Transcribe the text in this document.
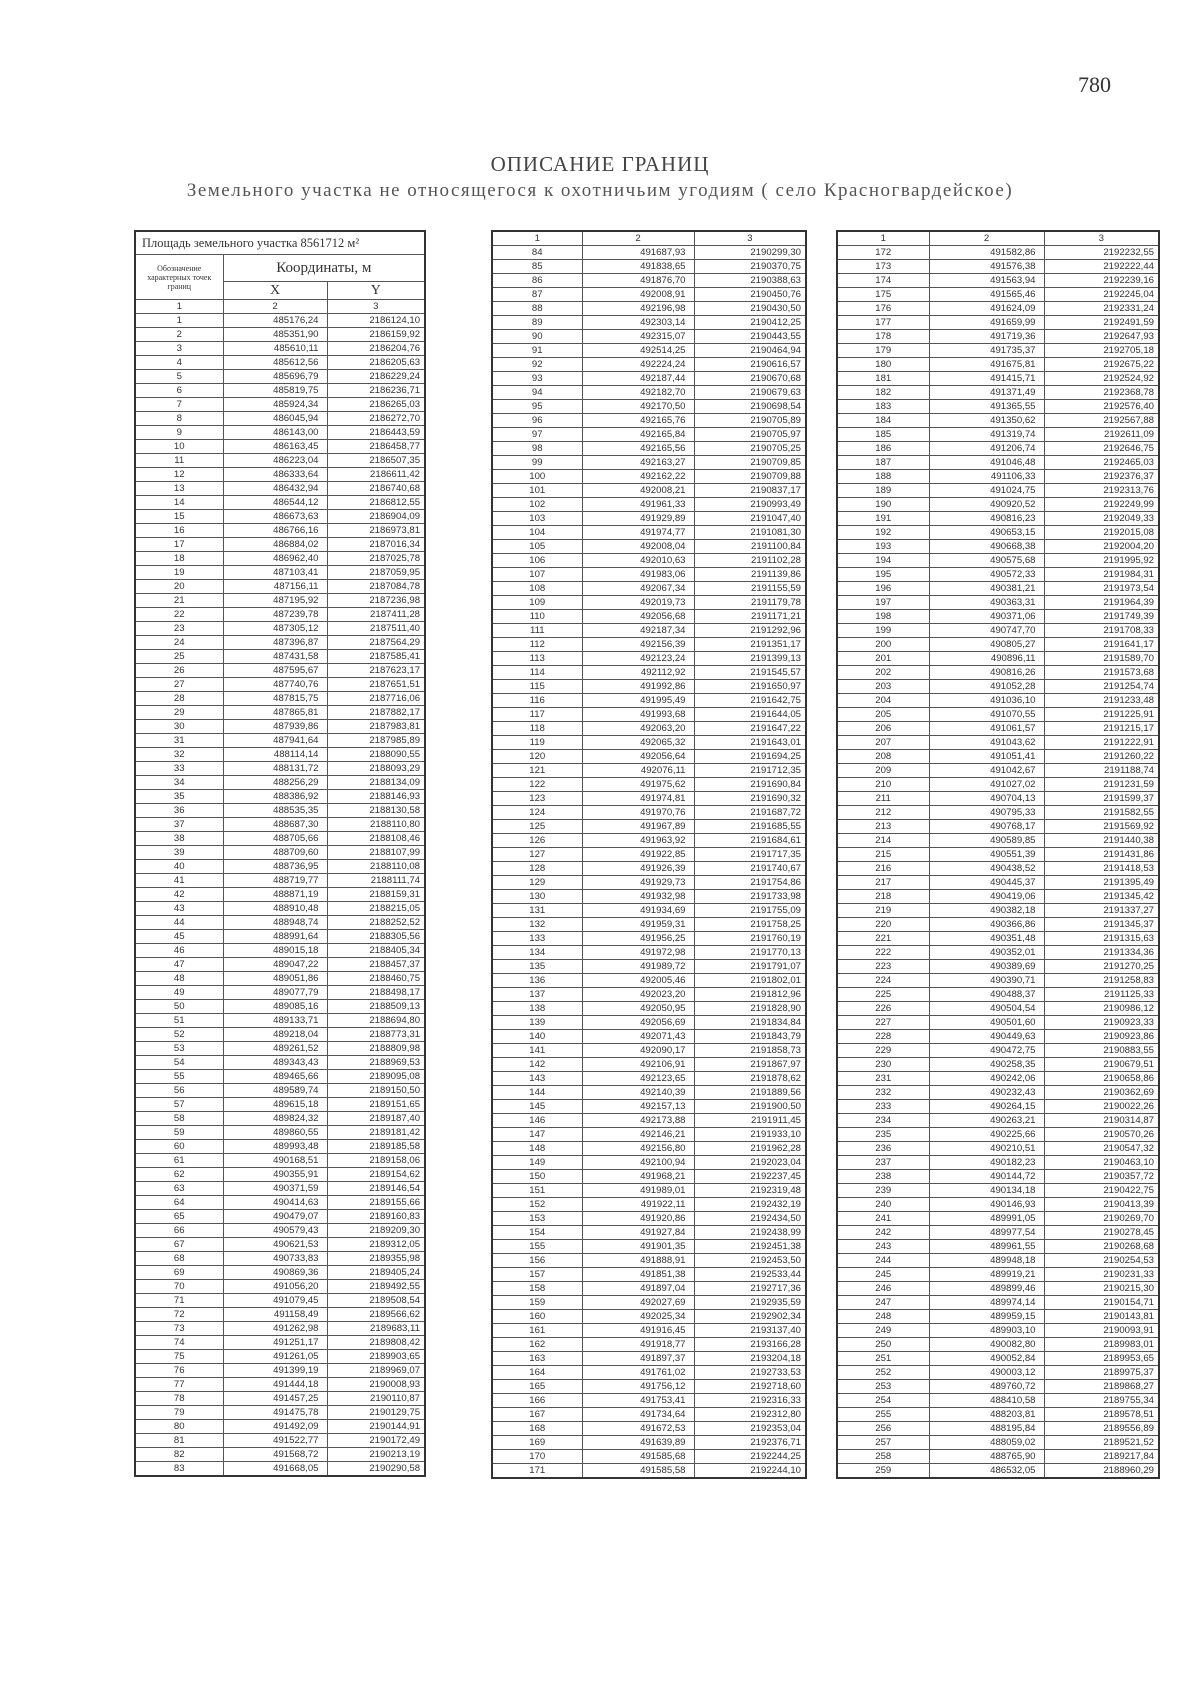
780
ОПИСАНИЕ ГРАНИЦ
Земельного участка не относящегося к охотничьим угодиям ( село Красногвардейское)
Площадь земельного участка 8561712 м²		
Обозначение характерных точек границ	Координаты, м	
	X	Y
1	2	3
1	485176,24	2186124,10
2	485351,90	2186159,92
3	485610,11	2186204,76
4	485612,56	2186205,63
5	485696,79	2186229,24
6	485819,75	2186236,71
7	485924,34	2186265,03
8	486045,94	2186272,70
9	486143,00	2186443,59
10	486163,45	2186458,77
11	486223,04	2186507,35
12	486333,64	2186611,42
13	486432,94	2186740,68
14	486544,12	2186812,55
15	486673,63	2186904,09
16	486766,16	2186973,81
17	486884,02	2187016,34
18	486962,40	2187025,78
19	487103,41	2187059,95
20	487156,11	2187084,78
21	487195,92	2187236,98
22	487239,78	2187411,28
23	487305,12	2187511,40
24	487396,87	2187564,29
25	487431,58	2187585,41
26	487595,67	2187623,17
27	487740,76	2187651,51
28	487815,75	2187716,06
29	487865,81	2187882,17
30	487939,86	2187983,81
31	487941,64	2187985,89
32	488114,14	2188090,55
33	488131,72	2188093,29
34	488256,29	2188134,09
35	488386,92	2188146,93
36	488535,35	2188130,58
37	488687,30	2188110,80
38	488705,66	2188108,46
39	488709,60	2188107,99
40	488736,95	2188110,08
41	488719,77	2188111,74
42	488871,19	2188159,31
43	488910,48	2188215,05
44	488948,74	2188252,52
45	488991,64	2188305,56
46	489015,18	2188405,34
47	489047,22	2188457,37
48	489051,86	2188460,75
49	489077,79	2188498,17
50	489085,16	2188509,13
51	489133,71	2188694,80
52	489218,04	2188773,31
53	489261,52	2188809,98
54	489343,43	2188969,53
55	489465,66	2189095,08
56	489589,74	2189150,50
57	489615,18	2189151,65
58	489824,32	2189187,40
59	489860,55	2189181,42
60	489993,48	2189185,58
61	490168,51	2189158,06
62	490355,91	2189154,62
63	490371,59	2189146,54
64	490414,63	2189155,66
65	490479,07	2189160,83
66	490579,43	2189209,30
67	490621,53	2189312,05
68	490733,83	2189355,98
69	490869,36	2189405,24
70	491056,20	2189492,55
71	491079,45	2189508,54
72	491158,49	2189566,62
73	491262,98	2189683,11
74	491251,17	2189808,42
75	491261,05	2189903,65
76	491399,19	2189969,07
77	491444,18	2190008,93
78	491457,25	2190110,87
79	491475,78	2190129,75
80	491492,09	2190144,91
81	491522,77	2190172,49
82	491568,72	2190213,19
83	491668,05	2190290,58
1	2	3
84	491687,93	2190299,30
85	491838,65	2190370,75
86	491876,70	2190388,63
87	492008,91	2190450,76
88	492196,98	2190430,50
89	492303,14	2190412,25
90	492315,07	2190443,55
91	492514,25	2190464,94
92	492224,24	2190616,57
93	492187,44	2190670,68
94	492182,70	2190679,63
95	492170,50	2190698,54
96	492165,76	2190705,89
97	492165,84	2190705,97
98	492165,56	2190705,25
99	492163,27	2190709,85
100	492162,22	2190709,88
101	492008,21	2190837,17
102	491961,33	2190993,49
103	491929,89	2191047,40
104	491974,77	2191081,30
105	492008,04	2191100,84
106	492010,63	2191102,28
107	491983,06	2191139,86
108	492067,34	2191155,59
109	492019,73	2191179,78
110	492056,68	2191171,21
111	492187,34	2191292,96
112	492156,39	2191351,17
113	492123,24	2191399,13
114	492112,92	2191545,57
115	491992,86	2191650,97
116	491995,49	2191642,75
117	491993,68	2191644,05
118	492063,20	2191647,22
119	492065,32	2191643,01
120	492056,64	2191694,25
121	492076,11	2191712,35
122	491975,62	2191690,84
123	491974,81	2191690,32
124	491970,76	2191687,72
125	491967,89	2191685,55
126	491963,92	2191684,61
127	491922,85	2191717,35
128	491926,39	2191740,67
129	491929,73	2191754,86
130	491932,98	2191733,98
131	491934,69	2191755,09
132	491959,31	2191758,25
133	491956,25	2191760,19
134	491972,98	2191770,13
135	491989,72	2191791,07
136	492005,46	2191802,01
137	492023,20	2191812,96
138	492050,95	2191828,90
139	492056,69	2191834,84
140	492071,43	2191843,79
141	492090,17	2191858,73
142	492106,91	2191867,97
143	492123,65	2191878,62
144	492140,39	2191889,56
145	492157,13	2191900,50
146	492173,88	2191911,45
147	492146,21	2191933,10
148	492156,80	2191962,28
149	492100,94	2192023,04
150	491968,21	2192237,45
151	491989,01	2192319,48
152	491922,11	2192432,19
153	491920,86	2192434,50
154	491927,84	2192438,99
155	491901,35	2192451,38
156	491888,91	2192453,50
157	491851,38	2192533,44
158	491897,04	2192717,36
159	492027,69	2192935,59
160	492025,34	2192902,34
161	491916,45	2193137,40
162	491918,77	2193166,28
163	491897,37	2193204,18
164	491761,02	2192733,53
165	491756,12	2192718,60
166	491753,41	2192316,33
167	491734,64	2192312,80
168	491672,53	2192353,04
169	491639,89	2192376,71
170	491585,68	2192244,25
171	491585,58	2192244,10
1	2	3
172	491582,86	2192232,55
173	491576,38	2192222,44
174	491563,94	2192239,16
175	491565,46	2192245,04
176	491624,09	2192331,24
177	491659,99	2192491,59
178	491719,36	2192647,93
179	491735,37	2192705,18
180	491675,81	2192675,22
181	491415,71	2192524,92
182	491371,49	2192368,78
183	491365,55	2192576,40
184	491350,62	2192567,88
185	491319,74	2192611,09
186	491206,74	2192646,75
187	491046,48	2192465,03
188	491106,33	2192376,37
189	491024,75	2192313,76
190	490920,52	2192249,99
191	490816,23	2192049,33
192	490653,15	2192015,08
193	490668,38	2192004,20
194	490575,68	2191995,92
195	490572,33	2191984,31
196	490381,21	2191973,54
197	490363,31	2191964,39
198	490371,06	2191749,39
199	490747,70	2191708,33
200	490805,27	2191641,17
201	490896,11	2191589,70
202	490816,26	2191573,68
203	491052,28	2191254,74
204	491036,10	2191233,48
205	491070,55	2191225,91
206	491061,57	2191215,17
207	491043,62	2191222,91
208	491051,41	2191260,22
209	491042,67	2191188,74
210	491027,02	2191231,59
211	490704,13	2191599,37
212	490795,33	2191582,55
213	490768,17	2191569,92
214	490589,85	2191440,38
215	490551,39	2191431,86
216	490438,52	2191418,53
217	490445,37	2191395,49
218	490419,06	2191345,42
219	490382,18	2191337,27
220	490366,86	2191345,37
221	490351,48	2191315,63
222	490352,01	2191334,36
223	490389,69	2191270,25
224	490390,71	2191258,83
225	490488,37	2191125,33
226	490504,54	2190986,12
227	490501,60	2190923,33
228	490449,63	2190923,86
229	490472,75	2190883,55
230	490258,35	2190679,51
231	490242,06	2190658,86
232	490232,43	2190362,69
233	490264,15	2190022,26
234	490263,21	2190314,87
235	490225,66	2190570,26
236	490210,51	2190547,32
237	490182,23	2190463,10
238	490144,72	2190357,72
239	490134,18	2190422,75
240	490146,93	2190413,39
241	489991,05	2190269,70
242	489977,54	2190278,45
243	489961,55	2190268,68
244	489948,18	2190254,53
245	489919,21	2190231,33
246	489899,46	2190215,30
247	489974,14	2190154,71
248	489959,15	2190143,81
249	489903,10	2190093,91
250	490082,80	2189983,01
251	490052,84	2189953,65
252	490003,12	2189975,37
253	489760,72	2189868,27
254	488410,58	2189755,34
255	488203,81	2189578,51
256	488195,84	2189556,89
257	488059,02	2189521,52
258	488765,90	2189217,84
259	486532,05	2188960,29
